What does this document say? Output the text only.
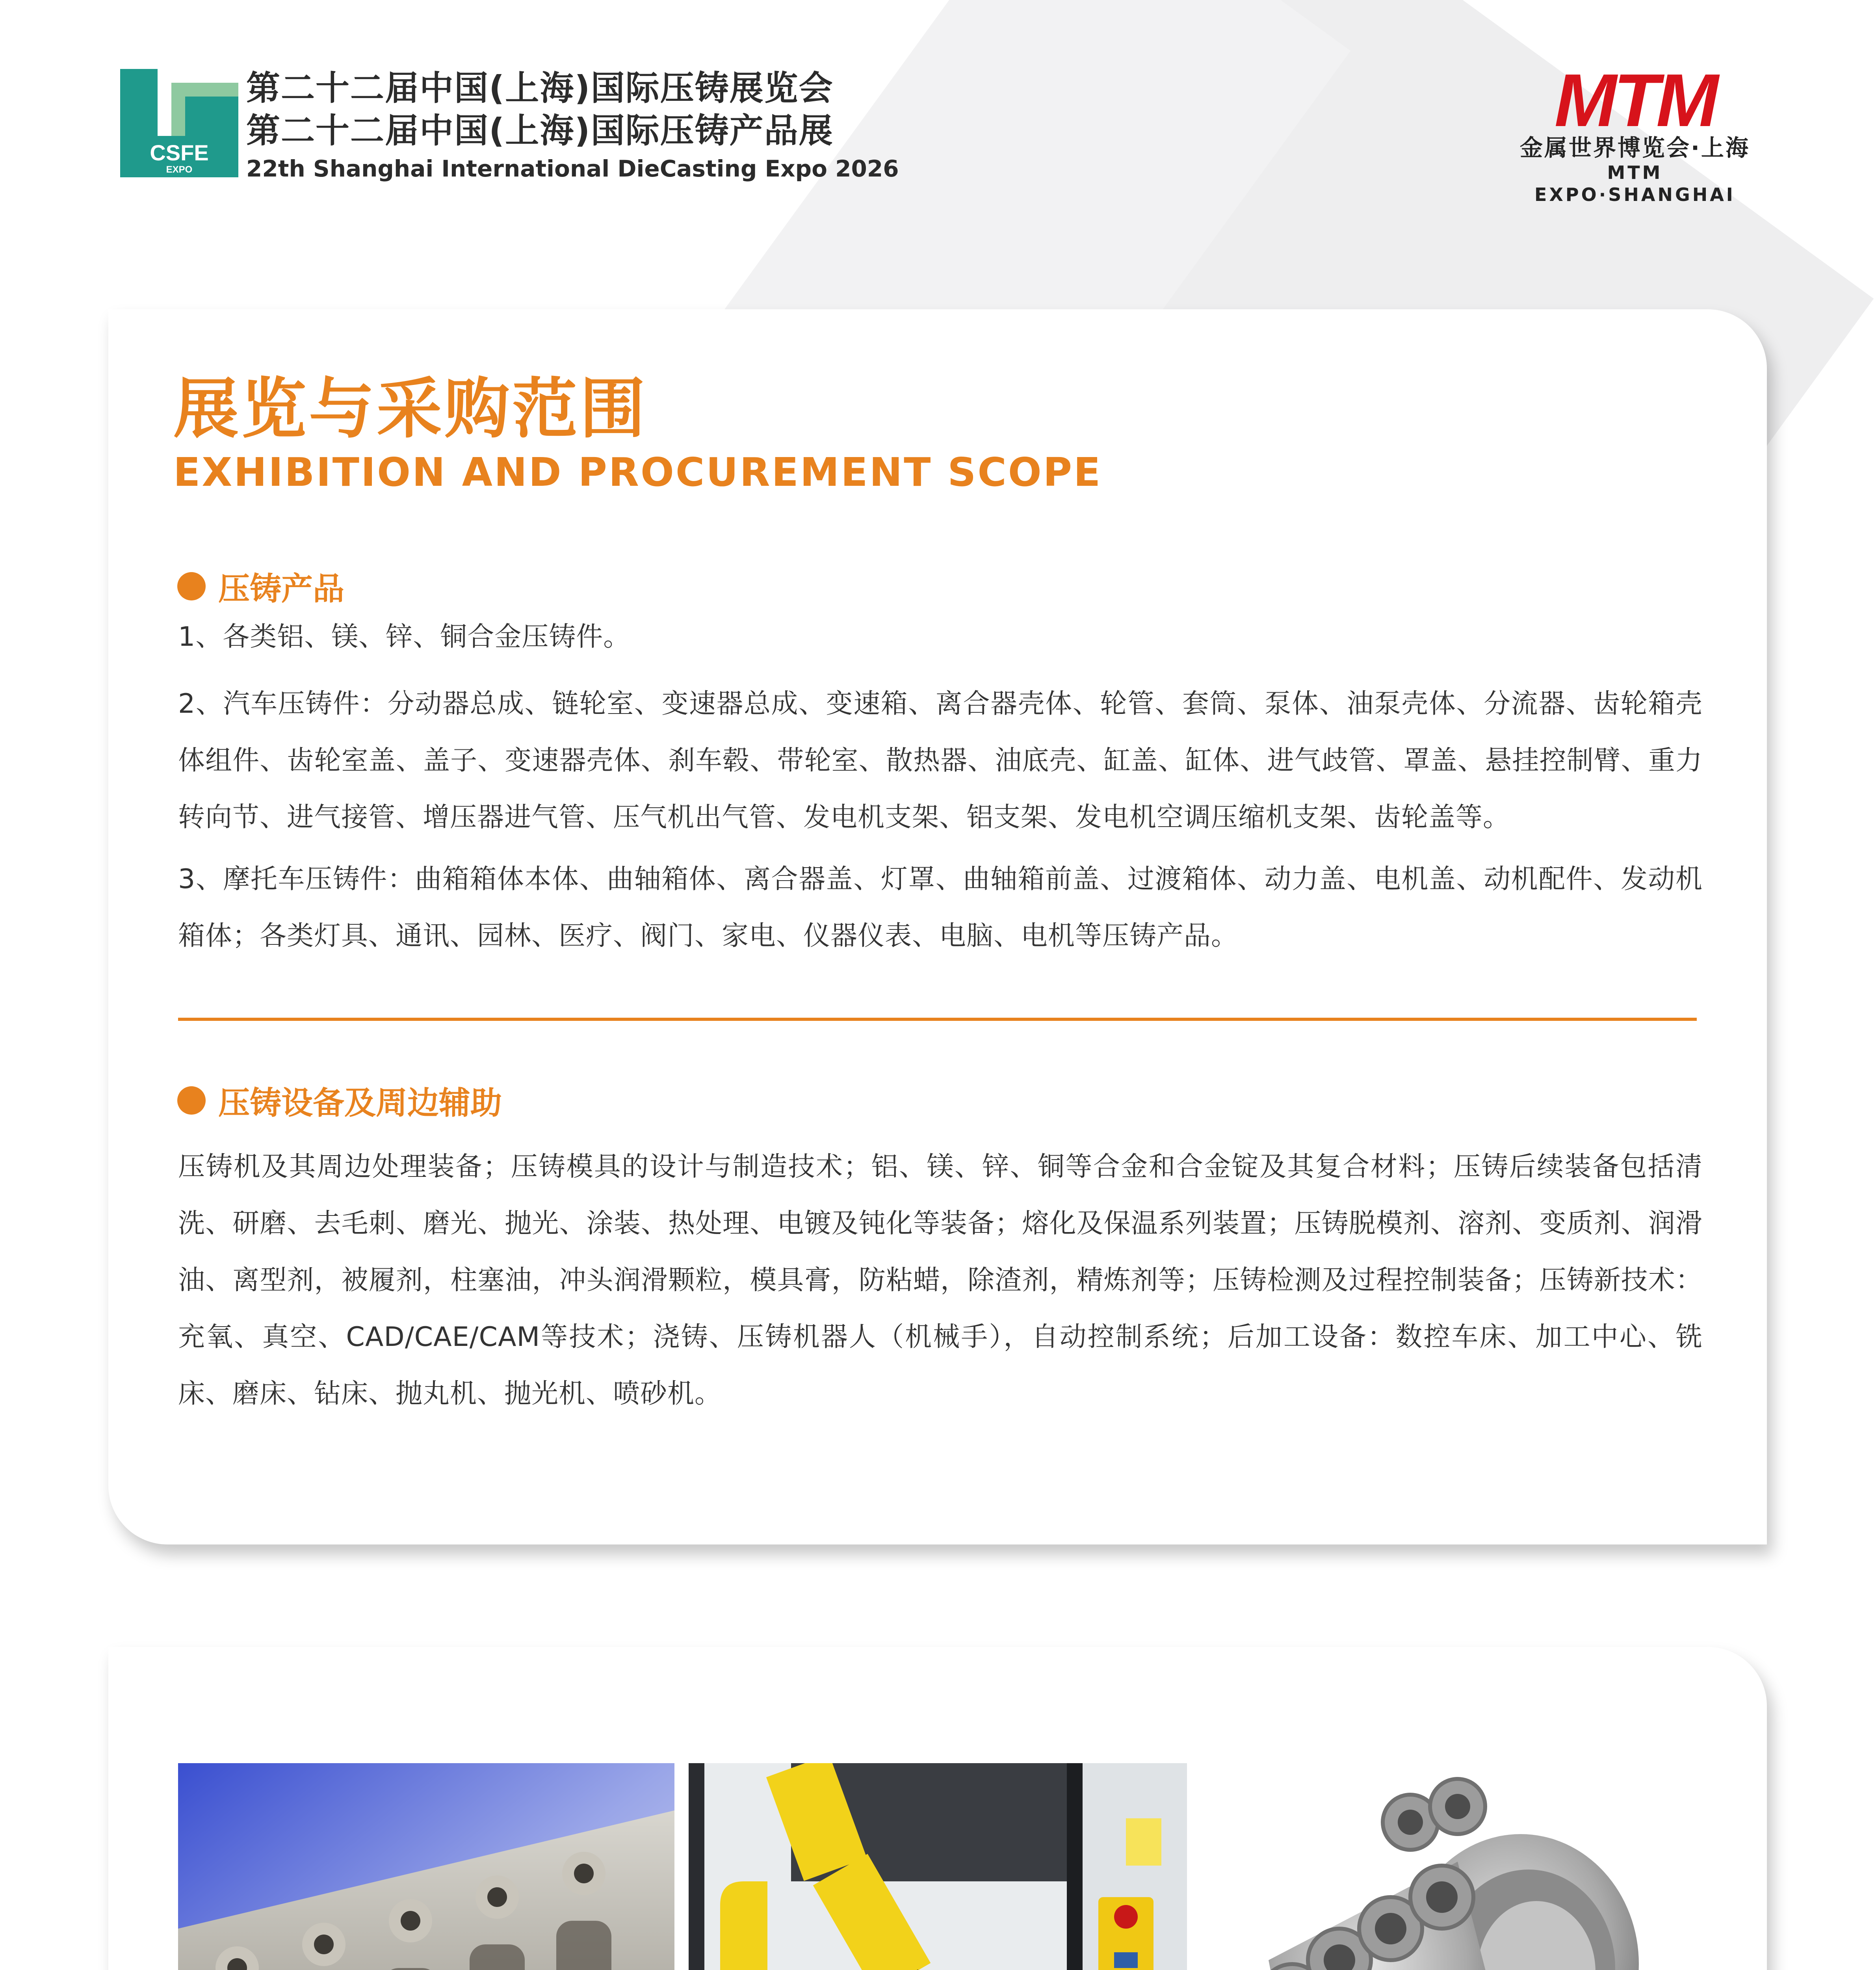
CSFE
EXPO
第二十二届中国(上海)国际压铸展览会
第二十二届中国(上海)国际压铸产品展
22th Shanghai International DieCasting Expo 2026
MTM
金属世界博览会·上海
MTM EXPO·SHANGHAI
展览与采购范围
EXHIBITION AND PROCUREMENT SCOPE
压铸产品
1、各类铝、镁、锌、铜合金压铸件。
2、汽车压铸件：分动器总成、链轮室、变速器总成、变速箱、离合器壳体、轮管、套筒、泵体、油泵壳体、分流器、齿轮箱壳体组件、齿轮室盖、盖子、变速器壳体、刹车毂、带轮室、散热器、油底壳、缸盖、缸体、进气歧管、罩盖、悬挂控制臂、重力转向节、进气接管、增压器进气管、压气机出气管、发电机支架、铝支架、发电机空调压缩机支架、齿轮盖等。
3、摩托车压铸件：曲箱箱体本体、曲轴箱体、离合器盖、灯罩、曲轴箱前盖、过渡箱体、动力盖、电机盖、动机配件、发动机箱体；各类灯具、通讯、园林、医疗、阀门、家电、仪器仪表、电脑、电机等压铸产品。
压铸设备及周边辅助
压铸机及其周边处理装备；压铸模具的设计与制造技术；铝、镁、锌、铜等合金和合金锭及其复合材料；压铸后续装备包括清洗、研磨、去毛刺、磨光、抛光、涂装、热处理、电镀及钝化等装备；熔化及保温系列装置；压铸脱模剂、溶剂、变质剂、润滑油、离型剂，被履剂，柱塞油，冲头润滑颗粒，模具膏，防粘蜡，除渣剂，精炼剂等；压铸检测及过程控制装备；压铸新技术：充氧、真空、CAD/CAE/CAM等技术；浇铸、压铸机器人（机械手），自动控制系统；后加工设备：数控车床、加工中心、铣床、磨床、钻床、抛丸机、抛光机、喷砂机。
